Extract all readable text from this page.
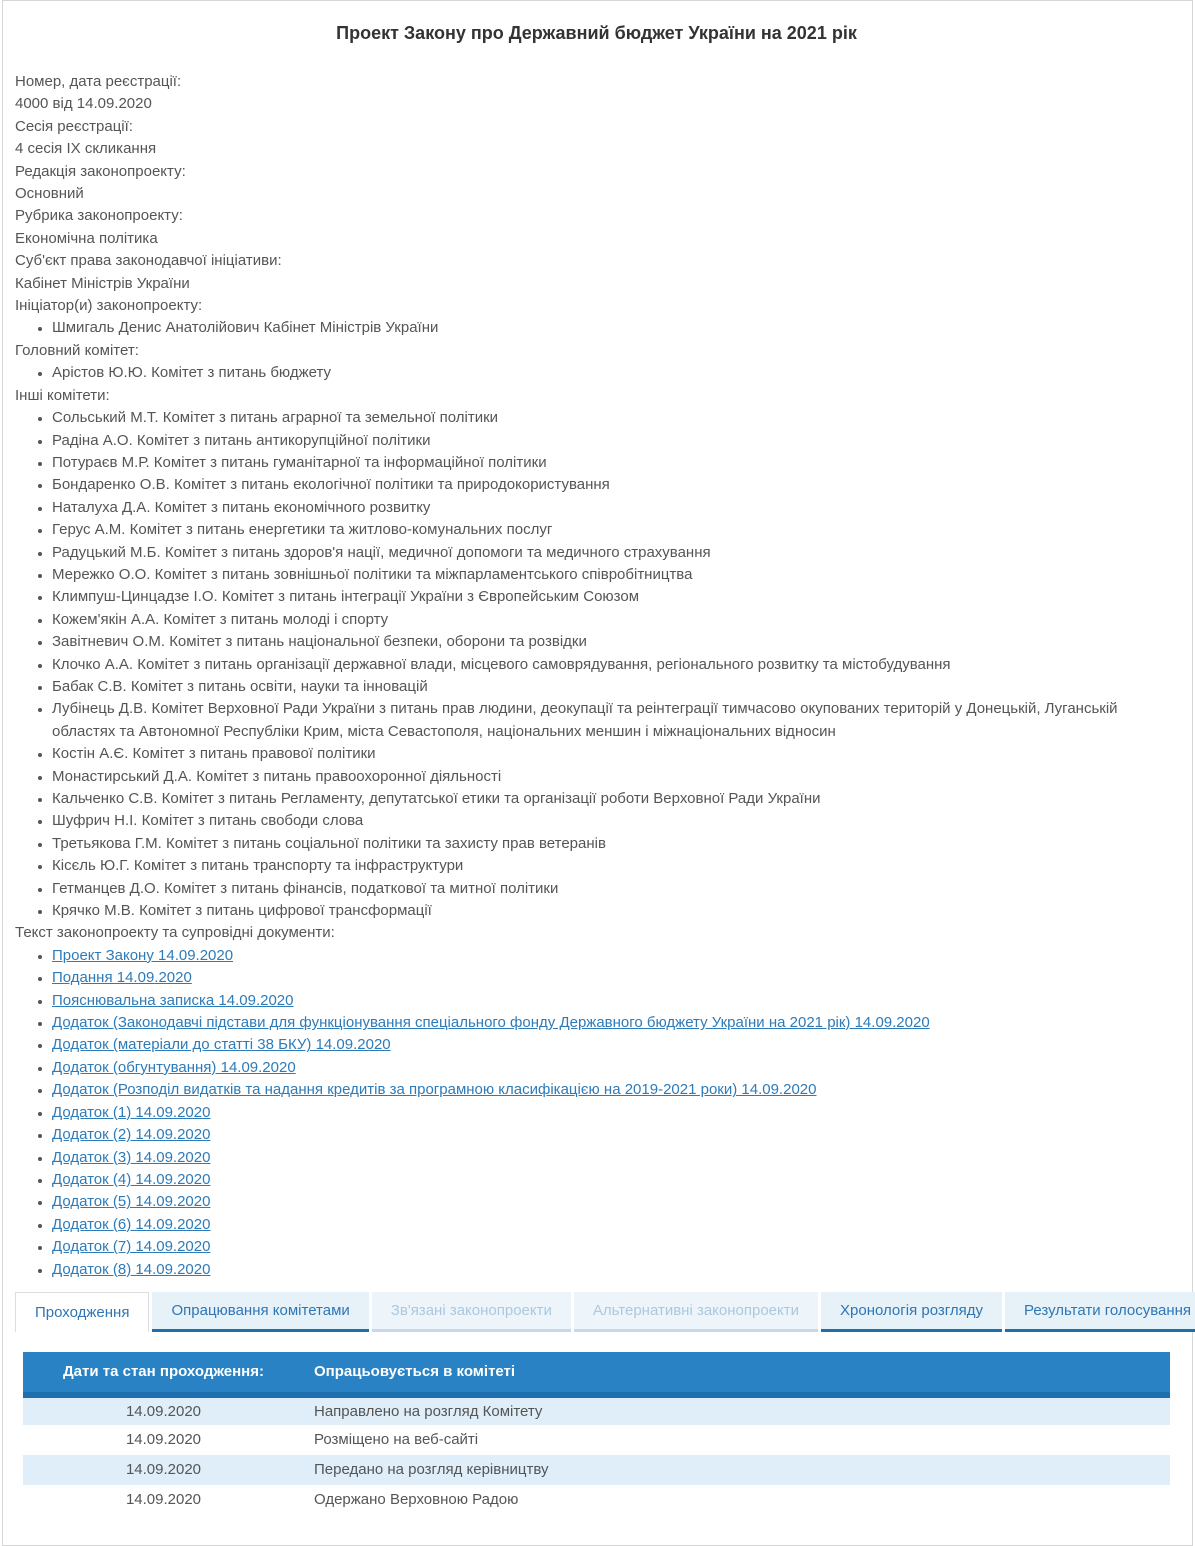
Проект Закону про Державний бюджет України на 2021 рік

Номер, дата реєстрації:

4000 від 14.09.2020

Сесія реєстрації:

4 сесія IX скликання

Редакція законопроекту:

Основний

Рубрика законопроекту:

Економічна політика

Суб'єкт права законодавчої ініціативи:

Кабінет Міністрів України

Ініціатор(и) законопроекту:

• Шмигаль Денис Анатолійович Кабінет Міністрів України

Головний комітет:

• Арістов Ю.Ю. Комітет з питань бюджету

Інші комітети:

• Сольський М.Т. Комітет з питань аграрної та земельної політики
• Радіна А.О. Комітет з питань антикорупційної політики
• Потураєв М.Р. Комітет з питань гуманітарної та інформаційної політики
• Бондаренко О.В. Комітет з питань екологічної політики та природокористування
• Наталуха Д.А. Комітет з питань економічного розвитку
• Герус А.М. Комітет з питань енергетики та житлово-комунальних послуг
• Радуцький М.Б. Комітет з питань здоров'я нації, медичної допомоги та медичного страхування
• Мережко О.О. Комітет з питань зовнішньої політики та міжпарламентського співробітництва
• Климпуш-Цинцадзе І.О. Комітет з питань інтеграції України з Європейським Союзом
• Кожем'якін А.А. Комітет з питань молоді і спорту
• Завітневич О.М. Комітет з питань національної безпеки, оборони та розвідки
• Клочко А.А. Комітет з питань організації державної влади, місцевого самоврядування, регіонального розвитку та містобудування
• Бабак С.В. Комітет з питань освіти, науки та інновацій
• Лубінець Д.В. Комітет Верховної Ради України з питань прав людини, деокупації та реінтеграції тимчасово окупованих територій у Донецькій, Луганській областях та Автономної Республіки Крим, міста Севастополя, національних меншин і міжнаціональних відносин
• Костін А.Є. Комітет з питань правової політики
• Монастирський Д.А. Комітет з питань правоохоронної діяльності
• Кальченко С.В. Комітет з питань Регламенту, депутатської етики та організації роботи Верховної Ради України
• Шуфрич Н.І. Комітет з питань свободи слова
• Третьякова Г.М. Комітет з питань соціальної політики та захисту прав ветеранів
• Кісєль Ю.Г. Комітет з питань транспорту та інфраструктури
• Гетманцев Д.О. Комітет з питань фінансів, податкової та митної політики
• Крячко М.В. Комітет з питань цифрової трансформації

Текст законопроекту та супровідні документи:

• Проект Закону 14.09.2020
• Подання 14.09.2020
• Пояснювальна записка 14.09.2020
• Додаток (Законодавчі підстави для функціонування спеціального фонду Державного бюджету України на 2021 рік) 14.09.2020
• Додаток (матеріали до статті 38 БКУ) 14.09.2020
• Додаток (обгунтування) 14.09.2020
• Додаток (Розподіл видатків та надання кредитів за програмною класифікацією на 2019-2021 роки) 14.09.2020
• Додаток (1) 14.09.2020
• Додаток (2) 14.09.2020
• Додаток (3) 14.09.2020
• Додаток (4) 14.09.2020
• Додаток (5) 14.09.2020
• Додаток (6) 14.09.2020
• Додаток (7) 14.09.2020
• Додаток (8) 14.09.2020
Проходження	Опрацювання комітетами	Зв'язані законопроекти	Альтернативні законопроекти	Хронологія розгляду	Результати голосування
Дати та стан проходження:	Опрацьовується в комітеті
14.09.2020	Направлено на розгляд Комітету
14.09.2020	Розміщено на веб-сайті
14.09.2020	Передано на розгляд керівництву
14.09.2020	Одержано Верховною Радою
